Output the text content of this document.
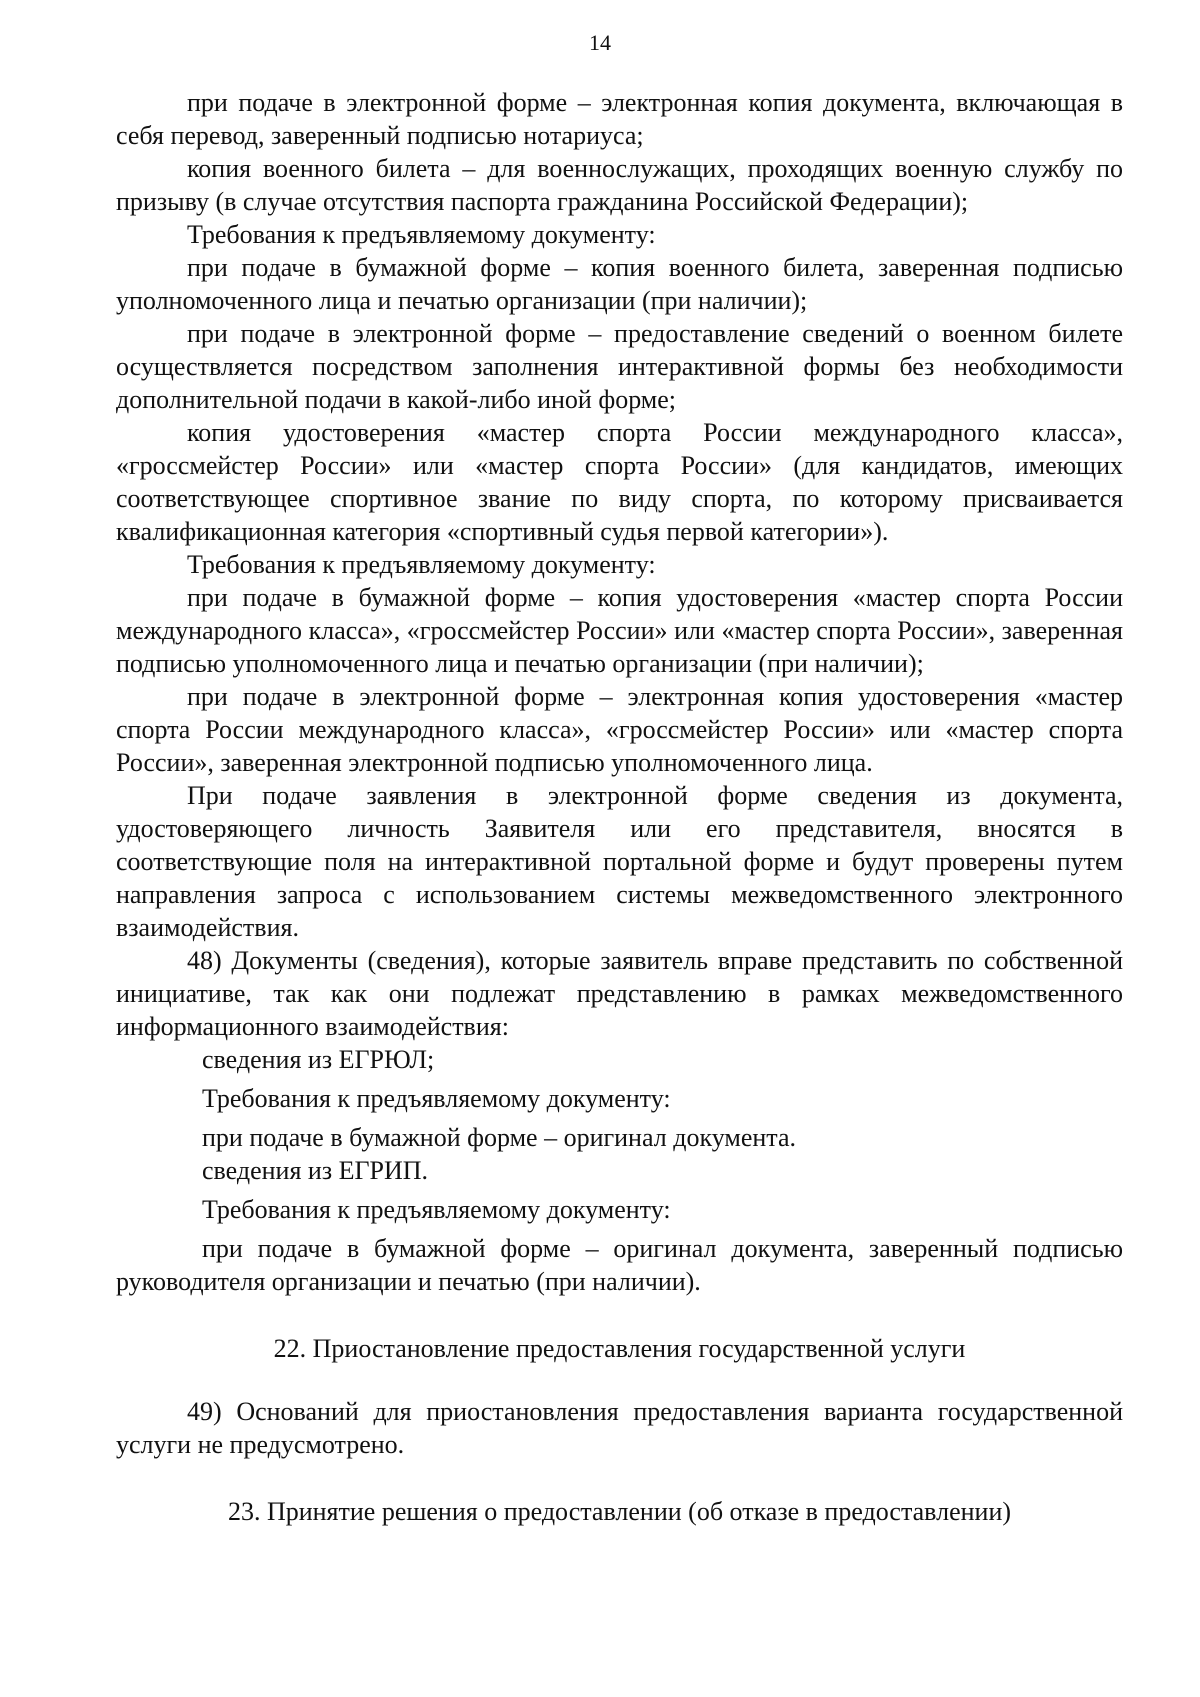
14

при подаче в электронной форме – электронная копия документа, включающая в себя перевод, заверенный подписью нотариуса;

копия военного билета – для военнослужащих, проходящих военную службу по призыву (в случае отсутствия паспорта гражданина Российской Федерации);

Требования к предъявляемому документу:

при подаче в бумажной форме – копия военного билета, заверенная подписью уполномоченного лица и печатью организации (при наличии);

при подаче в электронной форме – предоставление сведений о военном билете осуществляется посредством заполнения интерактивной формы без необходимости дополнительной подачи в какой-либо иной форме;

копия удостоверения «мастер спорта России международного класса», «гроссмейстер России» или «мастер спорта России» (для кандидатов, имеющих соответствующее спортивное звание по виду спорта, по которому присваивается квалификационная категория «спортивный судья первой категории»).

Требования к предъявляемому документу:

при подаче в бумажной форме – копия удостоверения «мастер спорта России международного класса», «гроссмейстер России» или «мастер спорта России», заверенная подписью уполномоченного лица и печатью организации (при наличии);

при подаче в электронной форме – электронная копия удостоверения «мастер спорта России международного класса», «гроссмейстер России» или «мастер спорта России», заверенная электронной подписью уполномоченного лица.

При подаче заявления в электронной форме сведения из документа, удостоверяющего личность Заявителя или его представителя, вносятся в соответствующие поля на интерактивной портальной форме и будут проверены путем направления запроса с использованием системы межведомственного электронного взаимодействия.

48) Документы (сведения), которые заявитель вправе представить по собственной инициативе, так как они подлежат представлению в рамках межведомственного информационного взаимодействия:

сведения из ЕГРЮЛ;

Требования к предъявляемому документу:

при подаче в бумажной форме – оригинал документа.

сведения из ЕГРИП.

Требования к предъявляемому документу:

при подаче в бумажной форме – оригинал документа, заверенный подписью руководителя организации и печатью (при наличии).

22. Приостановление предоставления государственной услуги

49) Оснований для приостановления предоставления варианта государственной услуги не предусмотрено.

23. Принятие решения о предоставлении (об отказе в предоставлении)
